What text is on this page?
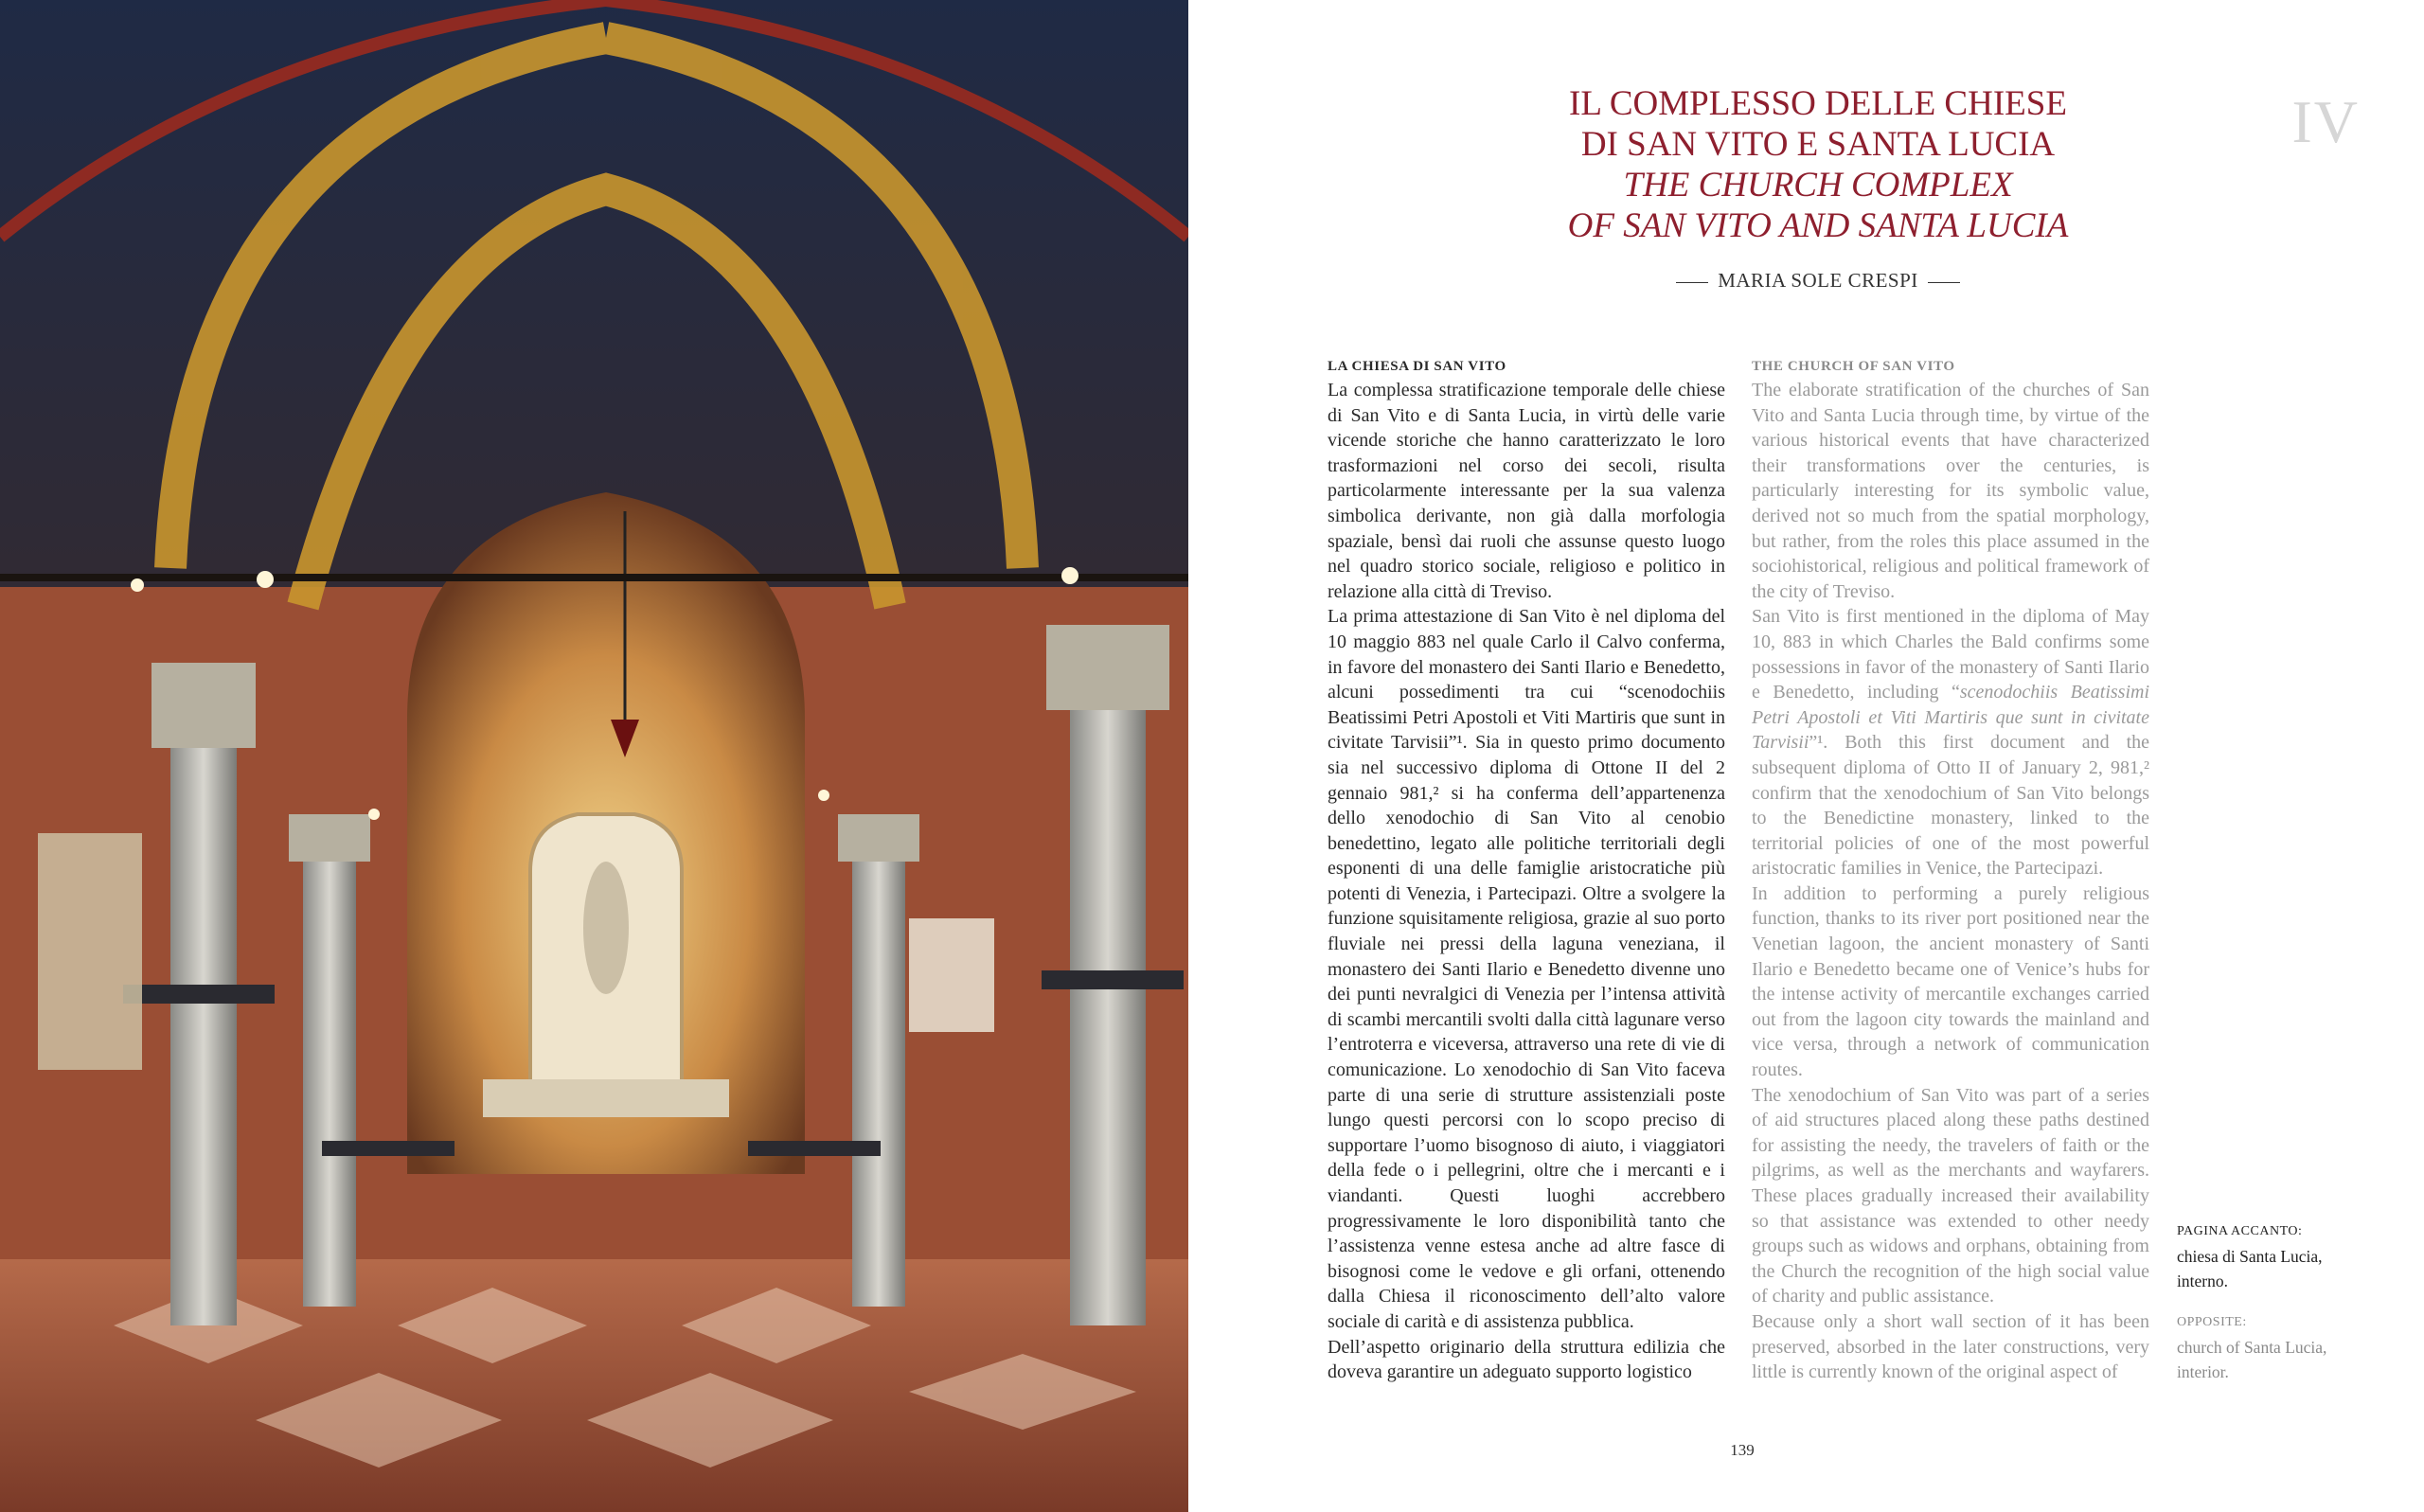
IV
IL COMPLESSO DELLE CHIESE
DI SAN VITO E SANTA LUCIA
THE CHURCH COMPLEX
OF SAN VITO AND SANTA LUCIA
MARIA SOLE CRESPI
LA CHIESA DI SAN VITO

La complessa stratificazione temporale delle chiese di San Vito e di Santa Lucia, in virtù delle varie vicende storiche che hanno caratterizzato le loro trasformazioni nel corso dei secoli, risulta particolarmente interessante per la sua valenza simbolica derivante, non già dalla morfologia spaziale, bensì dai ruoli che assunse questo luogo nel quadro storico sociale, religioso e politico in relazione alla città di Treviso.

La prima attestazione di San Vito è nel diploma del 10 maggio 883 nel quale Carlo il Calvo conferma, in favore del monastero dei Santi Ilario e Benedetto, alcuni possedimenti tra cui “scenodochiis Beatissimi Petri Apostoli et Viti Martiris que sunt in civitate Tarvisii”¹. Sia in questo primo documento sia nel successivo diploma di Ottone II del 2 gennaio 981,² si ha conferma dell’appartenenza dello xenodochio di San Vito al cenobio benedettino, legato alle politiche territoriali degli esponenti di una delle famiglie aristocratiche più potenti di Venezia, i Partecipazi. Oltre a svolgere la funzione squisitamente religiosa, grazie al suo porto fluviale nei pressi della laguna veneziana, il monastero dei Santi Ilario e Benedetto divenne uno dei punti nevralgici di Venezia per l’intensa attività di scambi mercantili svolti dalla città lagunare verso l’entroterra e viceversa, attraverso una rete di vie di comunicazione. Lo xenodochio di San Vito faceva parte di una serie di strutture assistenziali poste lungo questi percorsi con lo scopo preciso di supportare l’uomo bisognoso di aiuto, i viaggiatori della fede o i pellegrini, oltre che i mercanti e i viandanti. Questi luoghi accrebbero progressivamente le loro disponibilità tanto che l’assistenza venne estesa anche ad altre fasce di bisognosi come le vedove e gli orfani, ottenendo dalla Chiesa il riconoscimento dell’alto valore sociale di carità e di assistenza pubblica.

Dell’aspetto originario della struttura edilizia che doveva garantire un adeguato supporto logistico

THE CHURCH OF SAN VITO

The elaborate stratification of the churches of San Vito and Santa Lucia through time, by virtue of the various historical events that have characterized their transformations over the centuries, is particularly interesting for its symbolic value, derived not so much from the spatial morphology, but rather, from the roles this place assumed in the sociohistorical, religious and political framework of the city of Treviso.

San Vito is first mentioned in the diploma of May 10, 883 in which Charles the Bald confirms some possessions in favor of the monastery of Santi Ilario e Benedetto, including “scenodochiis Beatissimi Petri Apostoli et Viti Martiris que sunt in civitate Tarvisii”¹. Both this first document and the subsequent diploma of Otto II of January 2, 981,² confirm that the xenodochium of San Vito belongs to the Benedictine monastery, linked to the territorial policies of one of the most powerful aristocratic families in Venice, the Partecipazi.

In addition to performing a purely religious function, thanks to its river port positioned near the Venetian lagoon, the ancient monastery of Santi Ilario e Benedetto became one of Venice’s hubs for the intense activity of mercantile exchanges carried out from the lagoon city towards the mainland and vice versa, through a network of communication routes.

The xenodochium of San Vito was part of a series of aid structures placed along these paths destined for assisting the needy, the travelers of faith or the pilgrims, as well as the merchants and wayfarers. These places gradually increased their availability so that assistance was extended to other needy groups such as widows and orphans, obtaining from the Church the recognition of the high social value of charity and public assistance.

Because only a short wall section of it has been preserved, absorbed in the later constructions, very little is currently known of the original aspect of

PAGINA ACCANTO:
chiesa di Santa Lucia,
interno.
OPPOSITE:
church of Santa Lucia,
interior.
139
